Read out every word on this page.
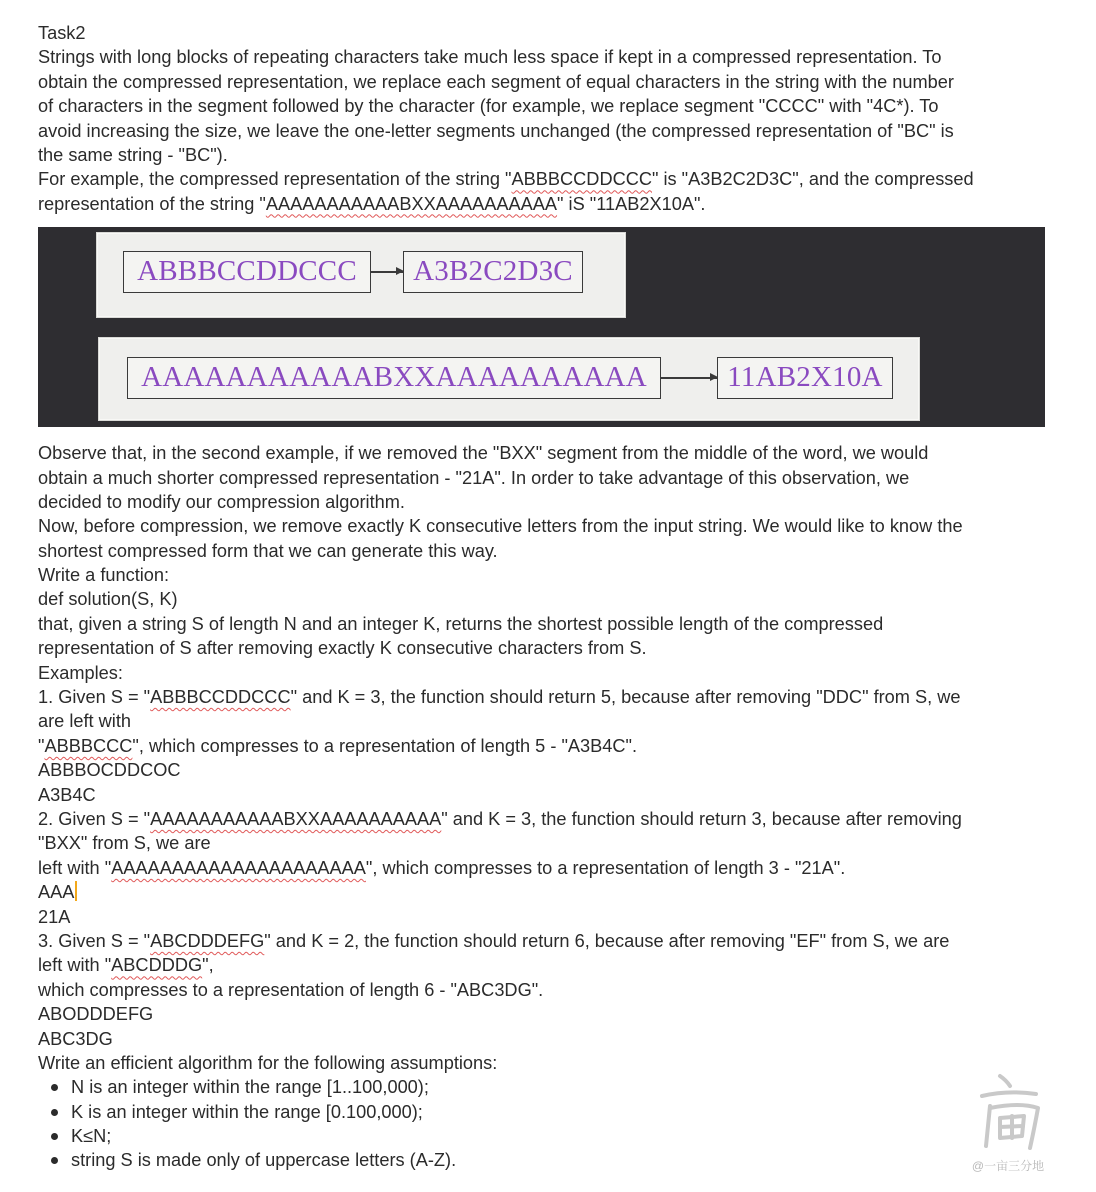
Task2
Strings with long blocks of repeating characters take much less space if kept in a compressed representation. To
obtain the compressed representation, we replace each segment of equal characters in the string with the number
of characters in the segment followed by the character (for example, we replace segment "CCCC" with "4C*). To
avoid increasing the size, we leave the one-letter segments unchanged (the compressed representation of "BC" is
the same string - "BC").
For example, the compressed representation of the string "ABBBCCDDCCC" is "A3B2C2D3C", and the compressed
representation of the string "AAAAAAAAAAABXXAAAAAAAAAA" iS "11AB2X10A".
ABBBCCDDCCC	A3B2C2D3C
AAAAAAAAAAABXXAAAAAAAAAA	11AB2X10A
Observe that, in the second example, if we removed the "BXX" segment from the middle of the word, we would
obtain a much shorter compressed representation - "21A". In order to take advantage of this observation, we
decided to modify our compression algorithm.
Now, before compression, we remove exactly K consecutive letters from the input string. We would like to know the
shortest compressed form that we can generate this way.
Write a function:
def solution(S, K)
that, given a string S of length N and an integer K, returns the shortest possible length of the compressed
representation of S after removing exactly K consecutive characters from S.
Examples:
1. Given S = "ABBBCCDDCCC" and K = 3, the function should return 5, because after removing "DDC" from S, we
are left with
"ABBBCCC", which compresses to a representation of length 5 - "A3B4C".
ABBBOCDDCOC
A3B4C
2. Given S = "AAAAAAAAAAABXXAAAAAAAAAA" and K = 3, the function should return 3, because after removing
"BXX" from S, we are
left with "AAAAAAAAAAAAAAAAAAAAA", which compresses to a representation of length 3 - "21A".
AAA
21A
3. Given S = "ABCDDDEFG" and K = 2, the function should return 6, because after removing "EF" from S, we are
left with "ABCDDDG",
which compresses to a representation of length 6 - "ABC3DG".
ABODDDEFG
ABC3DG
Write an efficient algorithm for the following assumptions:
N is an integer within the range [1..100,000);
K is an integer within the range [0.100,000);
K≤N;
string S is made only of uppercase letters (A-Z).	@一亩三分地
